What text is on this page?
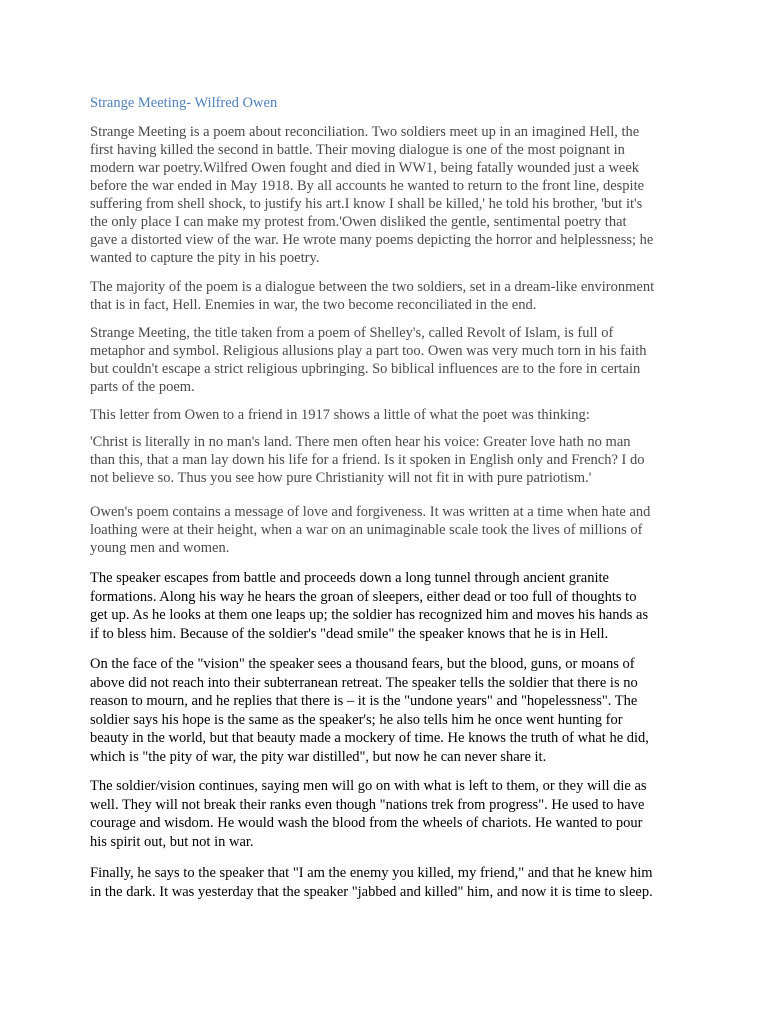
Strange Meeting- Wilfred Owen

Strange Meeting is a poem about reconciliation. Two soldiers meet up in an imagined Hell, the
first having killed the second in battle. Their moving dialogue is one of the most poignant in
modern war poetry.Wilfred Owen fought and died in WW1, being fatally wounded just a week
before the war ended in May 1918. By all accounts he wanted to return to the front line, despite
suffering from shell shock, to justify his art.I know I shall be killed,' he told his brother, 'but it's
the only place I can make my protest from.'Owen disliked the gentle, sentimental poetry that
gave a distorted view of the war. He wrote many poems depicting the horror and helplessness; he
wanted to capture the pity in his poetry.

The majority of the poem is a dialogue between the two soldiers, set in a dream-like environment
that is in fact, Hell. Enemies in war, the two become reconciliated in the end.

Strange Meeting, the title taken from a poem of Shelley's, called Revolt of Islam, is full of
metaphor and symbol. Religious allusions play a part too. Owen was very much torn in his faith
but couldn't escape a strict religious upbringing. So biblical influences are to the fore in certain
parts of the poem.

This letter from Owen to a friend in 1917 shows a little of what the poet was thinking:

'Christ is literally in no man's land. There men often hear his voice: Greater love hath no man
than this, that a man lay down his life for a friend. Is it spoken in English only and French? I do
not believe so. Thus you see how pure Christianity will not fit in with pure patriotism.'

Owen's poem contains a message of love and forgiveness. It was written at a time when hate and
loathing were at their height, when a war on an unimaginable scale took the lives of millions of
young men and women.

The speaker escapes from battle and proceeds down a long tunnel through ancient granite
formations. Along his way he hears the groan of sleepers, either dead or too full of thoughts to
get up. As he looks at them one leaps up; the soldier has recognized him and moves his hands as
if to bless him. Because of the soldier's "dead smile" the speaker knows that he is in Hell.

On the face of the "vision" the speaker sees a thousand fears, but the blood, guns, or moans of
above did not reach into their subterranean retreat. The speaker tells the soldier that there is no
reason to mourn, and he replies that there is – it is the "undone years" and "hopelessness". The
soldier says his hope is the same as the speaker's; he also tells him he once went hunting for
beauty in the world, but that beauty made a mockery of time. He knows the truth of what he did,
which is "the pity of war, the pity war distilled", but now he can never share it.

The soldier/vision continues, saying men will go on with what is left to them, or they will die as
well. They will not break their ranks even though "nations trek from progress". He used to have
courage and wisdom. He would wash the blood from the wheels of chariots. He wanted to pour
his spirit out, but not in war.

Finally, he says to the speaker that "I am the enemy you killed, my friend," and that he knew him
in the dark. It was yesterday that the speaker "jabbed and killed" him, and now it is time to sleep.
